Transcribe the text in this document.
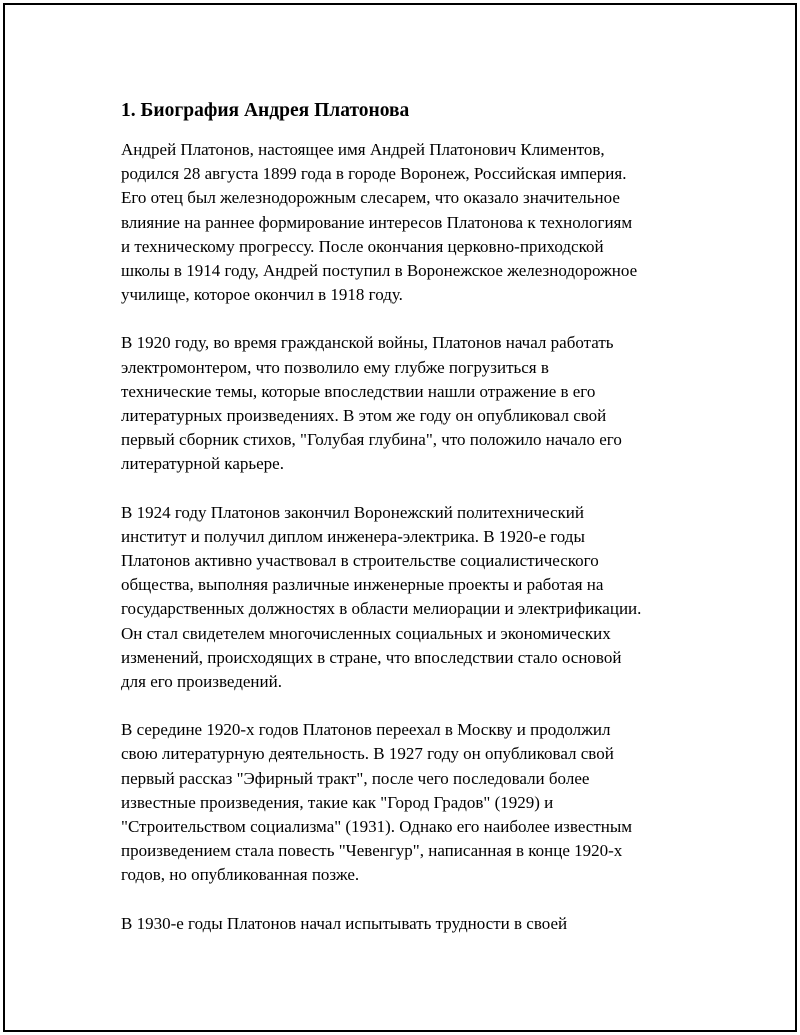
1. Биография Андрея Платонова
Андрей Платонов, настоящее имя Андрей Платонович Климентов,
родился 28 августа 1899 года в городе Воронеж, Российская империя.
Его отец был железнодорожным слесарем, что оказало значительное
влияние на раннее формирование интересов Платонова к технологиям
и техническому прогрессу. После окончания церковно-приходской
школы в 1914 году, Андрей поступил в Воронежское железнодорожное
училище, которое окончил в 1918 году.
В 1920 году, во время гражданской войны, Платонов начал работать
электромонтером, что позволило ему глубже погрузиться в
технические темы, которые впоследствии нашли отражение в его
литературных произведениях. В этом же году он опубликовал свой
первый сборник стихов, "Голубая глубина", что положило начало его
литературной карьере.
В 1924 году Платонов закончил Воронежский политехнический
институт и получил диплом инженера-электрика. В 1920-е годы
Платонов активно участвовал в строительстве социалистического
общества, выполняя различные инженерные проекты и работая на
государственных должностях в области мелиорации и электрификации.
Он стал свидетелем многочисленных социальных и экономических
изменений, происходящих в стране, что впоследствии стало основой
для его произведений.
В середине 1920-х годов Платонов переехал в Москву и продолжил
свою литературную деятельность. В 1927 году он опубликовал свой
первый рассказ "Эфирный тракт", после чего последовали более
известные произведения, такие как "Город Градов" (1929) и
"Строительством социализма" (1931). Однако его наиболее известным
произведением стала повесть "Чевенгур", написанная в конце 1920-х
годов, но опубликованная позже.
В 1930-е годы Платонов начал испытывать трудности в своей
